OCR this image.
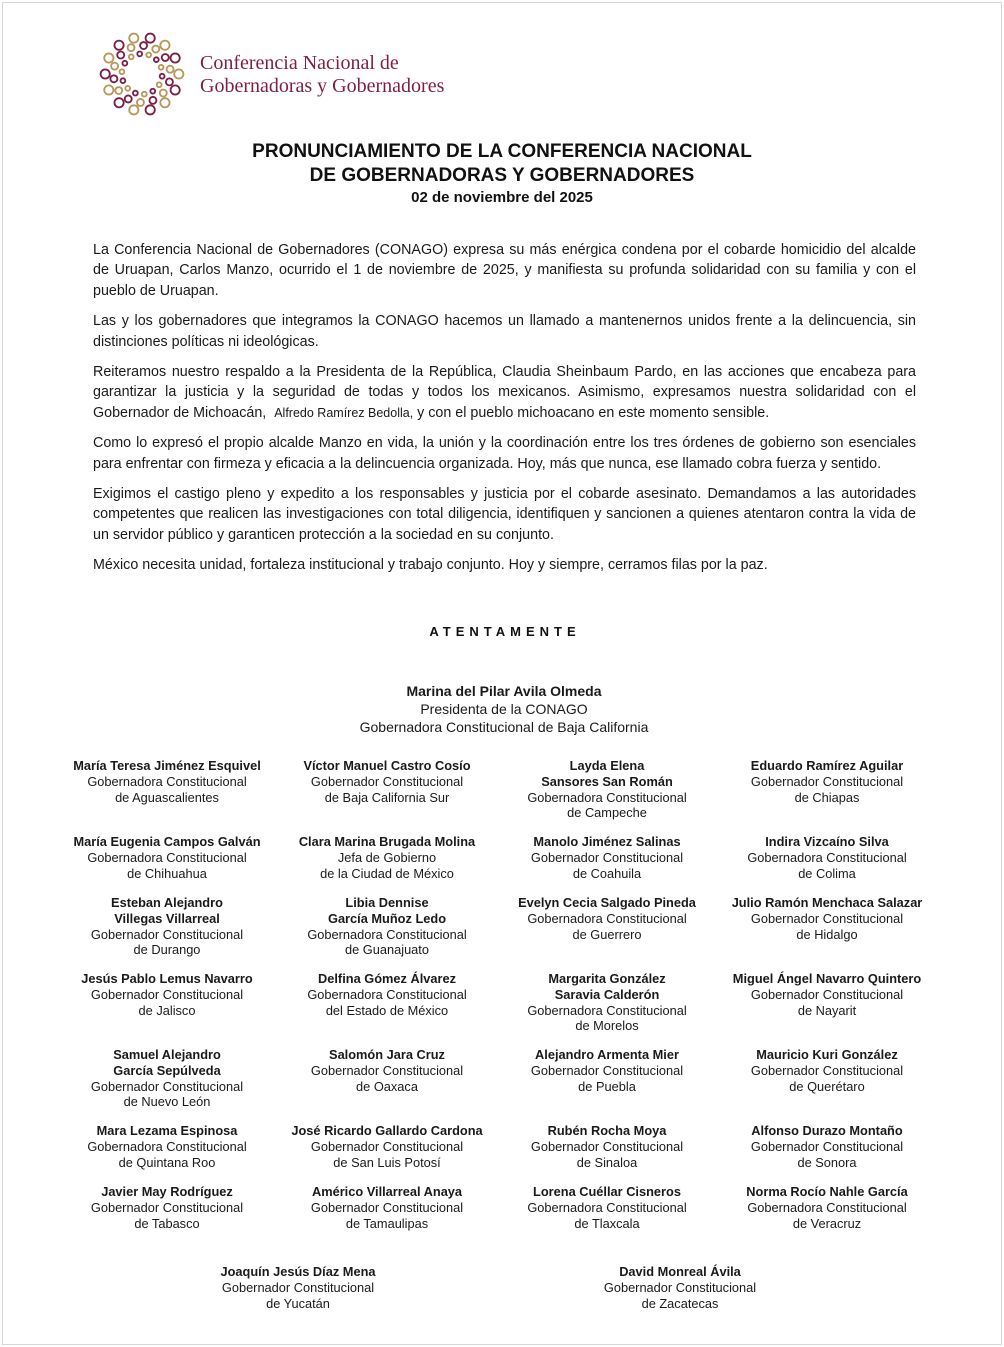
Conferencia Nacional de
Gobernadoras y Gobernadores
PRONUNCIAMIENTO DE LA CONFERENCIA NACIONAL
DE GOBERNADORAS Y GOBERNADORES
02 de noviembre del 2025

La Conferencia Nacional de Gobernadores (CONAGO) expresa su más enérgica condena por el cobarde homicidio del alcalde de Uruapan, Carlos Manzo, ocurrido el 1 de noviembre de 2025, y manifiesta su profunda solidaridad con su familia y con el pueblo de Uruapan.

Las y los gobernadores que integramos la CONAGO hacemos un llamado a mantenernos unidos frente a la delincuencia, sin distinciones políticas ni ideológicas.

Reiteramos nuestro respaldo a la Presidenta de la República, Claudia Sheinbaum Pardo, en las acciones que encabeza para garantizar la justicia y la seguridad de todas y todos los mexicanos. Asimismo, expresamos nuestra solidaridad con el Gobernador de Michoacán, Alfredo Ramírez Bedolla, y con el pueblo michoacano en este momento sensible.

Como lo expresó el propio alcalde Manzo en vida, la unión y la coordinación entre los tres órdenes de gobierno son esenciales para enfrentar con firmeza y eficacia a la delincuencia organizada. Hoy, más que nunca, ese llamado cobra fuerza y sentido.

Exigimos el castigo pleno y expedito a los responsables y justicia por el cobarde asesinato. Demandamos a las autoridades competentes que realicen las investigaciones con total diligencia, identifiquen y sancionen a quienes atentaron contra la vida de un servidor público y garanticen protección a la sociedad en su conjunto.

México necesita unidad, fortaleza institucional y trabajo conjunto. Hoy y siempre, cerramos filas por la paz.

ATENTAMENTE
Marina del Pilar Avila Olmeda
Presidenta de la CONAGO
Gobernadora Constitucional de Baja California
María Teresa Jiménez Esquivel
Gobernadora Constitucional
de Aguascalientes
Víctor Manuel Castro Cosío
Gobernador Constitucional
de Baja California Sur
Layda Elena
Sansores San Román
Gobernadora Constitucional
de Campeche
Eduardo Ramírez Aguilar
Gobernador Constitucional
de Chiapas
María Eugenia Campos Galván
Gobernadora Constitucional
de Chihuahua
Clara Marina Brugada Molina
Jefa de Gobierno
de la Ciudad de México
Manolo Jiménez Salinas
Gobernador Constitucional
de Coahuila
Indira Vizcaíno Silva
Gobernadora Constitucional
de Colima
Esteban Alejandro
Villegas Villarreal
Gobernador Constitucional
de Durango
Libia Dennise
García Muñoz Ledo
Gobernadora Constitucional
de Guanajuato
Evelyn Cecia Salgado Pineda
Gobernadora Constitucional
de Guerrero
Julio Ramón Menchaca Salazar
Gobernador Constitucional
de Hidalgo
Jesús Pablo Lemus Navarro
Gobernador Constitucional
de Jalisco
Delfina Gómez Álvarez
Gobernadora Constitucional
del Estado de México
Margarita González
Saravia Calderón
Gobernadora Constitucional
de Morelos
Miguel Ángel Navarro Quintero
Gobernador Constitucional
de Nayarit
Samuel Alejandro
García Sepúlveda
Gobernador Constitucional
de Nuevo León
Salomón Jara Cruz
Gobernador Constitucional
de Oaxaca
Alejandro Armenta Mier
Gobernador Constitucional
de Puebla
Mauricio Kuri González
Gobernador Constitucional
de Querétaro
Mara Lezama Espinosa
Gobernadora Constitucional
de Quintana Roo
José Ricardo Gallardo Cardona
Gobernador Constitucional
de San Luis Potosí
Rubén Rocha Moya
Gobernador Constitucional
de Sinaloa
Alfonso Durazo Montaño
Gobernador Constitucional
de Sonora
Javier May Rodríguez
Gobernador Constitucional
de Tabasco
Américo Villarreal Anaya
Gobernador Constitucional
de Tamaulipas
Lorena Cuéllar Cisneros
Gobernadora Constitucional
de Tlaxcala
Norma Rocío Nahle García
Gobernadora Constitucional
de Veracruz
Joaquín Jesús Díaz Mena
Gobernador Constitucional
de Yucatán
David Monreal Ávila
Gobernador Constitucional
de Zacatecas
